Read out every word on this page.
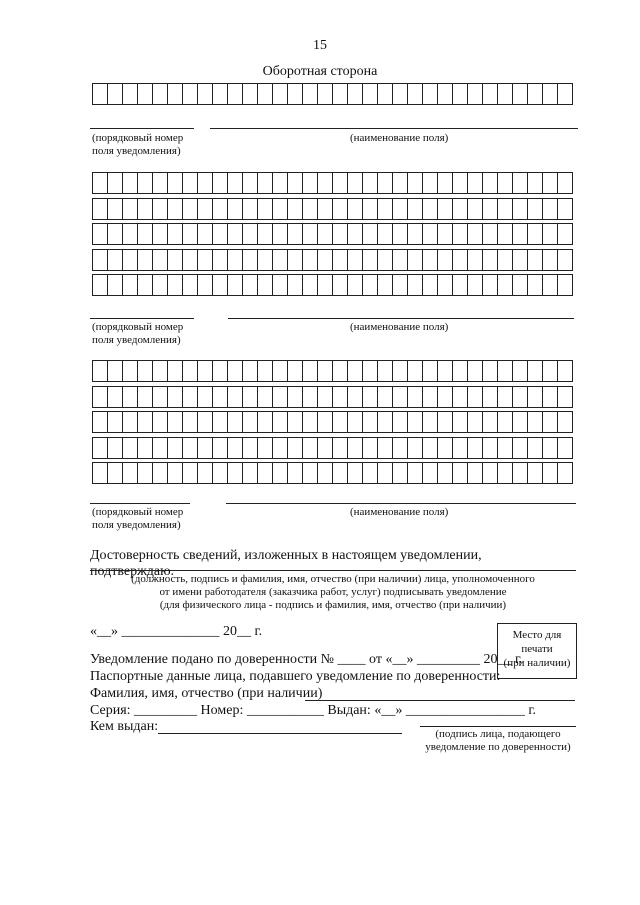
15
Оборотная сторона
(порядковый номер
поля уведомления)
(наименование поля)
(порядковый номер
поля уведомления)
(наименование поля)
(порядковый номер
поля уведомления)
(наименование поля)
Достоверность сведений, изложенных в настоящем уведомлении, подтверждаю.
(должность, подпись и фамилия, имя, отчество (при наличии) лица, уполномоченного
от имени работодателя (заказчика работ, услуг) подписывать уведомление
(для физического лица - подпись и фамилия, имя, отчество (при наличии)
«__» ______________ 20__ г.	Место для
печати
(при наличии)
Уведомление подано по доверенности № ____ от «__» _________ 20__ г.
Паспортные данные лица, подавшего уведомление по доверенности:
Фамилия, имя, отчество (при наличии)
Серия: _________ Номер: ___________ Выдан: «__» _________________ г.
Кем выдан:	(подпись лица, подающего
уведомление по доверенности)
